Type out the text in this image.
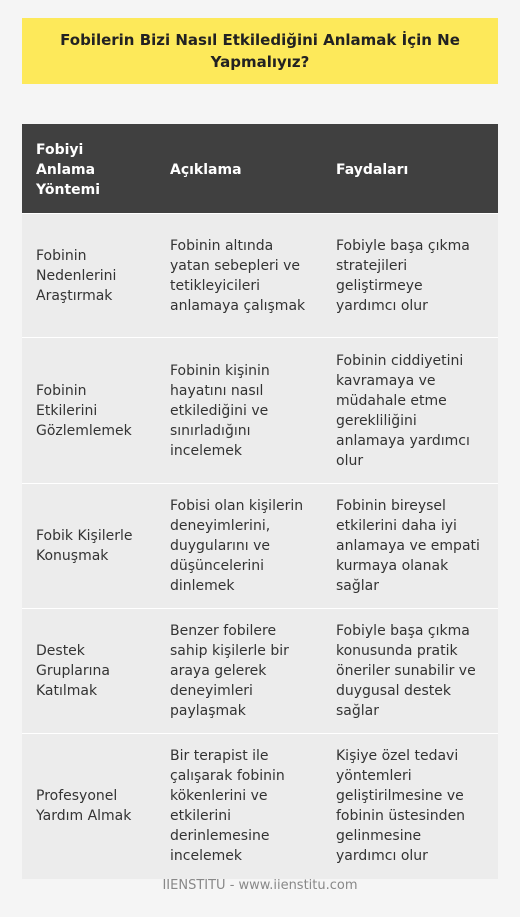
Fobilerin Bizi Nasıl Etkilediğini Anlamak İçin Ne Yapmalıyız?
Fobiyi Anlama Yöntemi	Açıklama	Faydaları
Fobinin Nedenlerini Araştırmak	Fobinin altında yatan sebepleri ve tetikleyicileri anlamaya çalışmak	Fobiyle başa çıkma stratejileri geliştirmeye yardımcı olur
Fobinin Etkilerini Gözlemlemek	Fobinin kişinin hayatını nasıl etkilediğini ve sınırladığını incelemek	Fobinin ciddiyetini kavramaya ve müdahale etme gerekliliğini anlamaya yardımcı olur
Fobik Kişilerle Konuşmak	Fobisi olan kişilerin deneyimlerini, duygularını ve düşüncelerini dinlemek	Fobinin bireysel etkilerini daha iyi anlamaya ve empati kurmaya olanak sağlar
Destek Gruplarına Katılmak	Benzer fobilere sahip kişilerle bir araya gelerek deneyimleri paylaşmak	Fobiyle başa çıkma konusunda pratik öneriler sunabilir ve duygusal destek sağlar
Profesyonel Yardım Almak	Bir terapist ile çalışarak fobinin kökenlerini ve etkilerini derinlemesine incelemek	Kişiye özel tedavi yöntemleri geliştirilmesine ve fobinin üstesinden gelinmesine yardımcı olur
IIENSTITU - www.iienstitu.com
